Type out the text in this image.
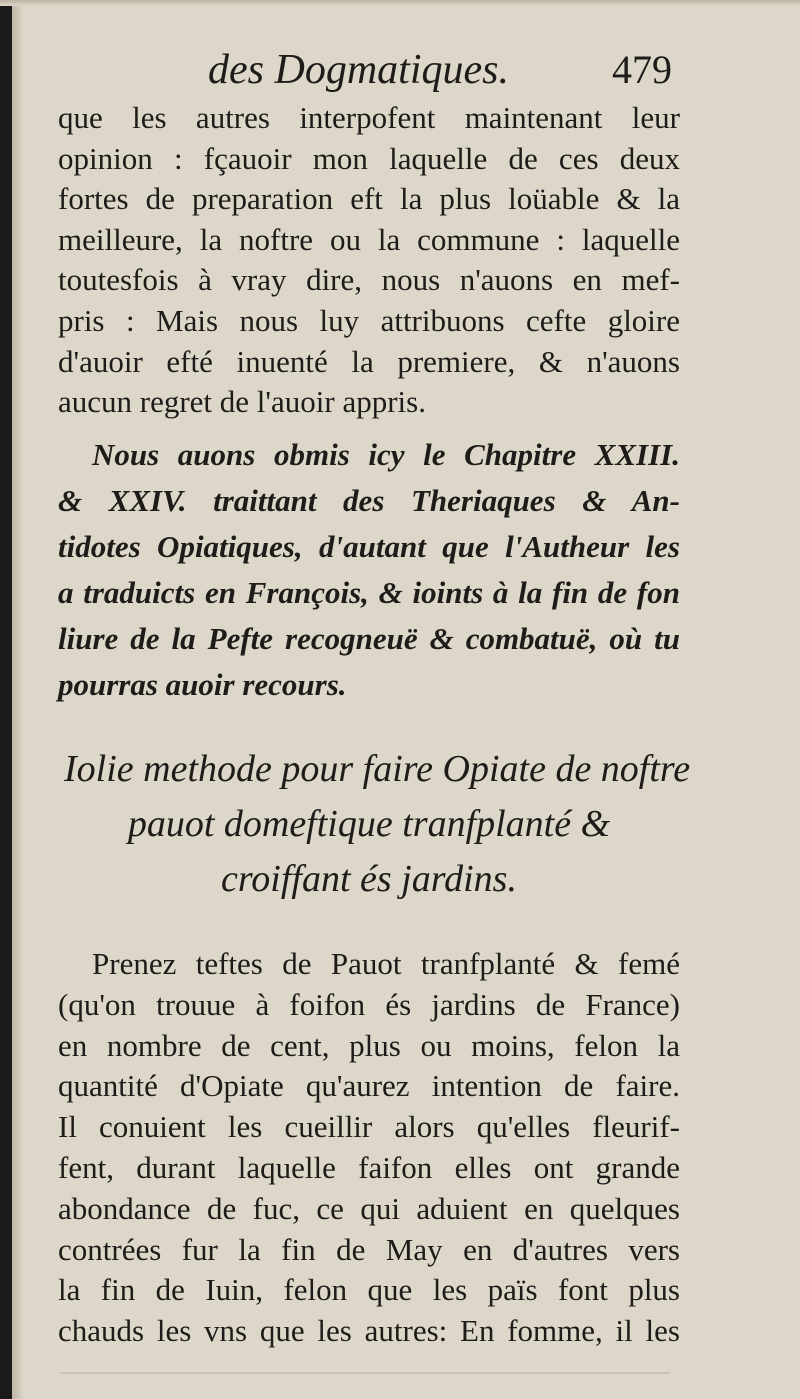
des Dogmatiques.	479
que les autres interpofent maintenant leur
opinion : fçauoir mon laquelle de ces deux
fortes de preparation eft la plus loüable & la
meilleure, la noftre ou la commune : laquelle
toutesfois à vray dire, nous n'auons en mef-
pris : Mais nous luy attribuons cefte gloire
d'auoir efté inuenté la premiere, & n'auons
aucun regret de l'auoir appris.
Nous auons obmis icy le Chapitre XXIII.
& XXIV. traittant des Theriaques & An-
tidotes Opiatiques, d'autant que l'Autheur les
a traduicts en François, & ioints à la fin de fon
liure de la Pefte recogneuë & combatuë, où tu
pourras auoir recours.
Iolie methode pour faire Opiate de noftre
pauot domeftique tranfplanté &
croiffant és jardins.
Prenez teftes de Pauot tranfplanté & femé
(qu'on trouue à foifon és jardins de France)
en nombre de cent, plus ou moins, felon la
quantité d'Opiate qu'aurez intention de faire.
Il conuient les cueillir alors qu'elles fleurif-
fent, durant laquelle faifon elles ont grande
abondance de fuc, ce qui aduient en quelques
contrées fur la fin de May en d'autres vers
la fin de Iuin, felon que les païs font plus
chauds les vns que les autres: En fomme, il les
